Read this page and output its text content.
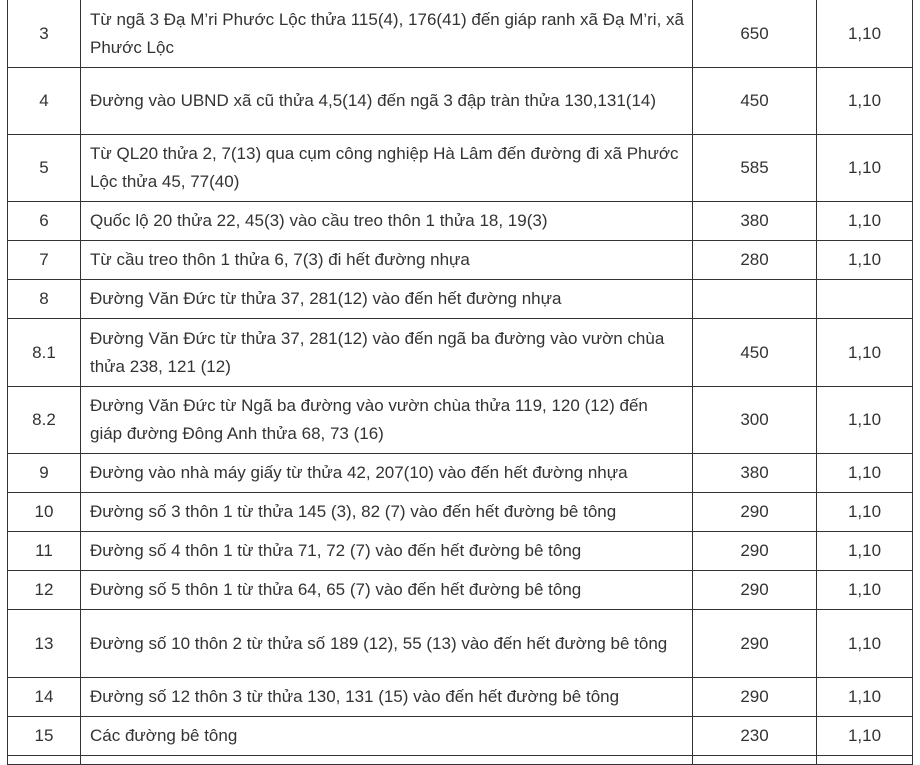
3	Từ ngã 3 Đạ M’ri Phước Lộc thửa 115(4), 176(41) đến giáp ranh xã Đạ M’ri, xã Phước Lộc	650	1,10
4	Đường vào UBND xã cũ thửa 4,5(14) đến ngã 3 đập tràn thửa 130,131(14)	450	1,10
5	Từ QL20 thửa 2, 7(13) qua cụm công nghiệp Hà Lâm đến đường đi xã Phước Lộc thửa 45, 77(40)	585	1,10
6	Quốc lộ 20 thửa 22, 45(3) vào cầu treo thôn 1 thửa 18, 19(3)	380	1,10
7	Từ cầu treo thôn 1 thửa 6, 7(3) đi hết đường nhựa	280	1,10
8	Đường Văn Đức từ thửa 37, 281(12) vào đến hết đường nhựa		
8.1	Đường Văn Đức từ thửa 37, 281(12) vào đến ngã ba đường vào vườn chùa thửa 238, 121 (12)	450	1,10
8.2	Đường Văn Đức từ Ngã ba đường vào vườn chùa thửa 119, 120 (12) đến giáp đường Đông Anh thửa 68, 73 (16)	300	1,10
9	Đường vào nhà máy giấy từ thửa 42, 207(10) vào đến hết đường nhựa	380	1,10
10	Đường số 3 thôn 1 từ thửa 145 (3), 82 (7) vào đến hết đường bê tông	290	1,10
11	Đường số 4 thôn 1 từ thửa 71, 72 (7) vào đến hết đường bê tông	290	1,10
12	Đường số 5 thôn 1 từ thửa 64, 65 (7) vào đến hết đường bê tông	290	1,10
13	Đường số 10 thôn 2 từ thửa số 189 (12), 55 (13) vào đến hết đường bê tông	290	1,10
14	Đường số 12 thôn 3 từ thửa 130, 131 (15) vào đến hết đường bê tông	290	1,10
15	Các đường bê tông	230	1,10
